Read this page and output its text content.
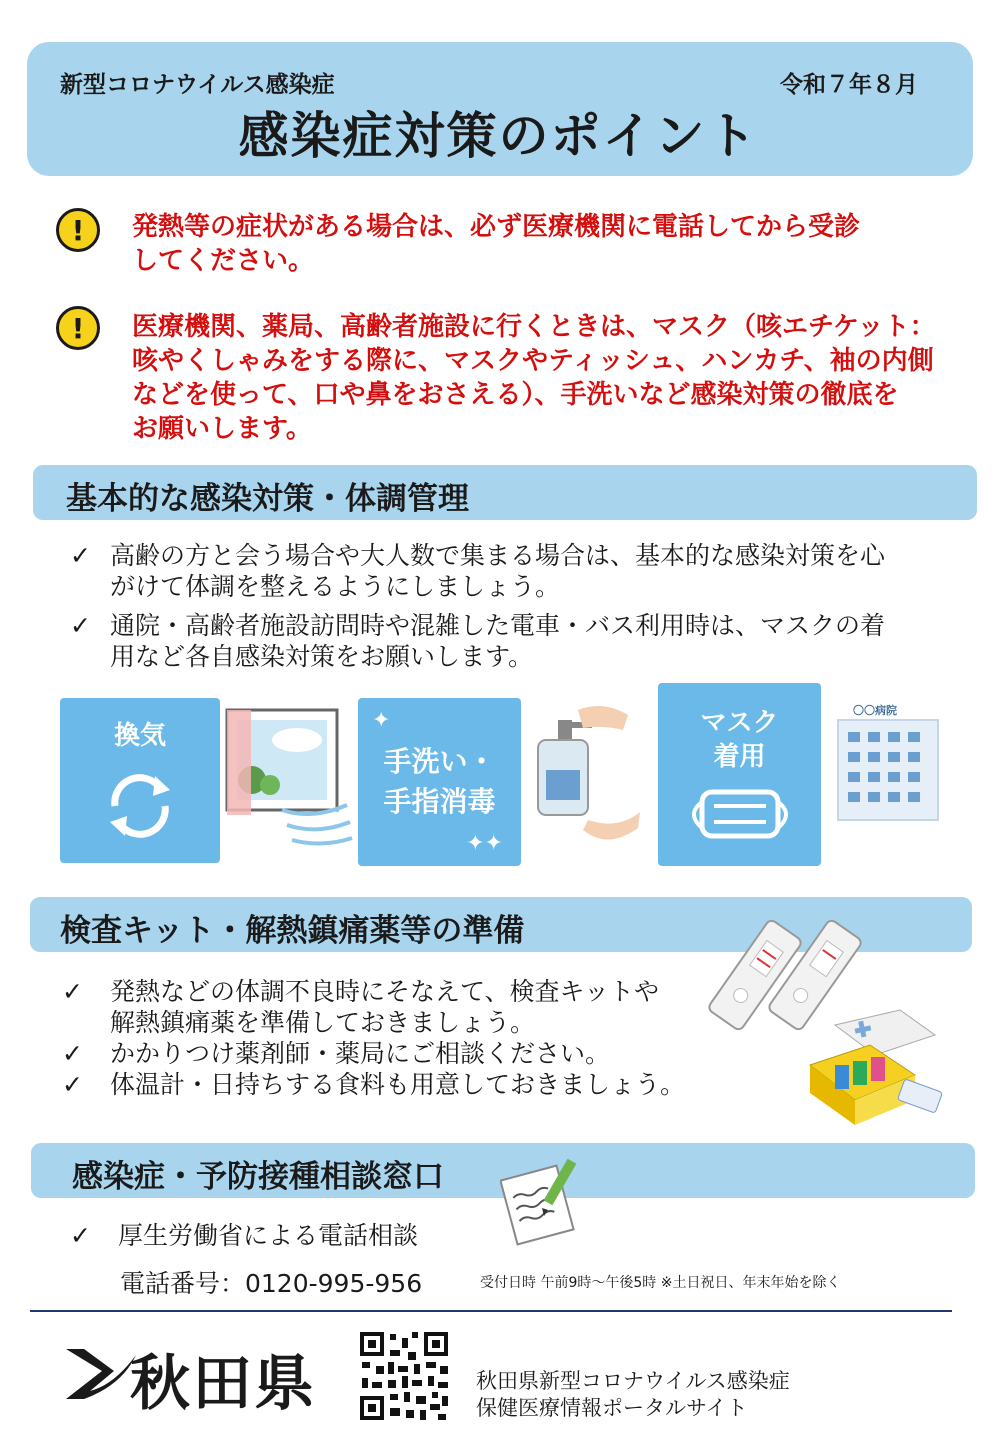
新型コロナウイルス感染症	令和７年８月
感染症対策のポイント
!	発熱等の症状がある場合は、必ず医療機関に電話してから受診
してください。
!	医療機関、薬局、高齢者施設に行くときは、マスク（咳エチケット：
咳やくしゃみをする際に、マスクやティッシュ、ハンカチ、袖の内側
などを使って、口や鼻をおさえる）、手洗いなど感染対策の徹底を
お願いします。
基本的な感染対策・体調管理
✓ 高齢の方と会う場合や大人数で集まる場合は、基本的な感染対策を心
がけて体調を整えるようにしましょう。
✓ 通院・高齢者施設訪問時や混雑した電車・バス利用時は、マスクの着
用など各自感染対策をお願いします。
換気
手洗い・
手指消毒
✦
✦✦
マスク
着用
〇〇病院
検査キット・解熱鎮痛薬等の準備
✓	発熱などの体調不良時にそなえて、検査キットや
解熱鎮痛薬を準備しておきましょう。
✓	かかりつけ薬剤師・薬局にご相談ください。
✓	体温計・日持ちする食料も用意しておきましょう。
感染症・予防接種相談窓口
✓	厚生労働省による電話相談
電話番号：0120-995-956	受付日時 午前9時～午後5時 ※土日祝日、年末年始を除く
秋田県	秋田県新型コロナウイルス感染症
保健医療情報ポータルサイト
